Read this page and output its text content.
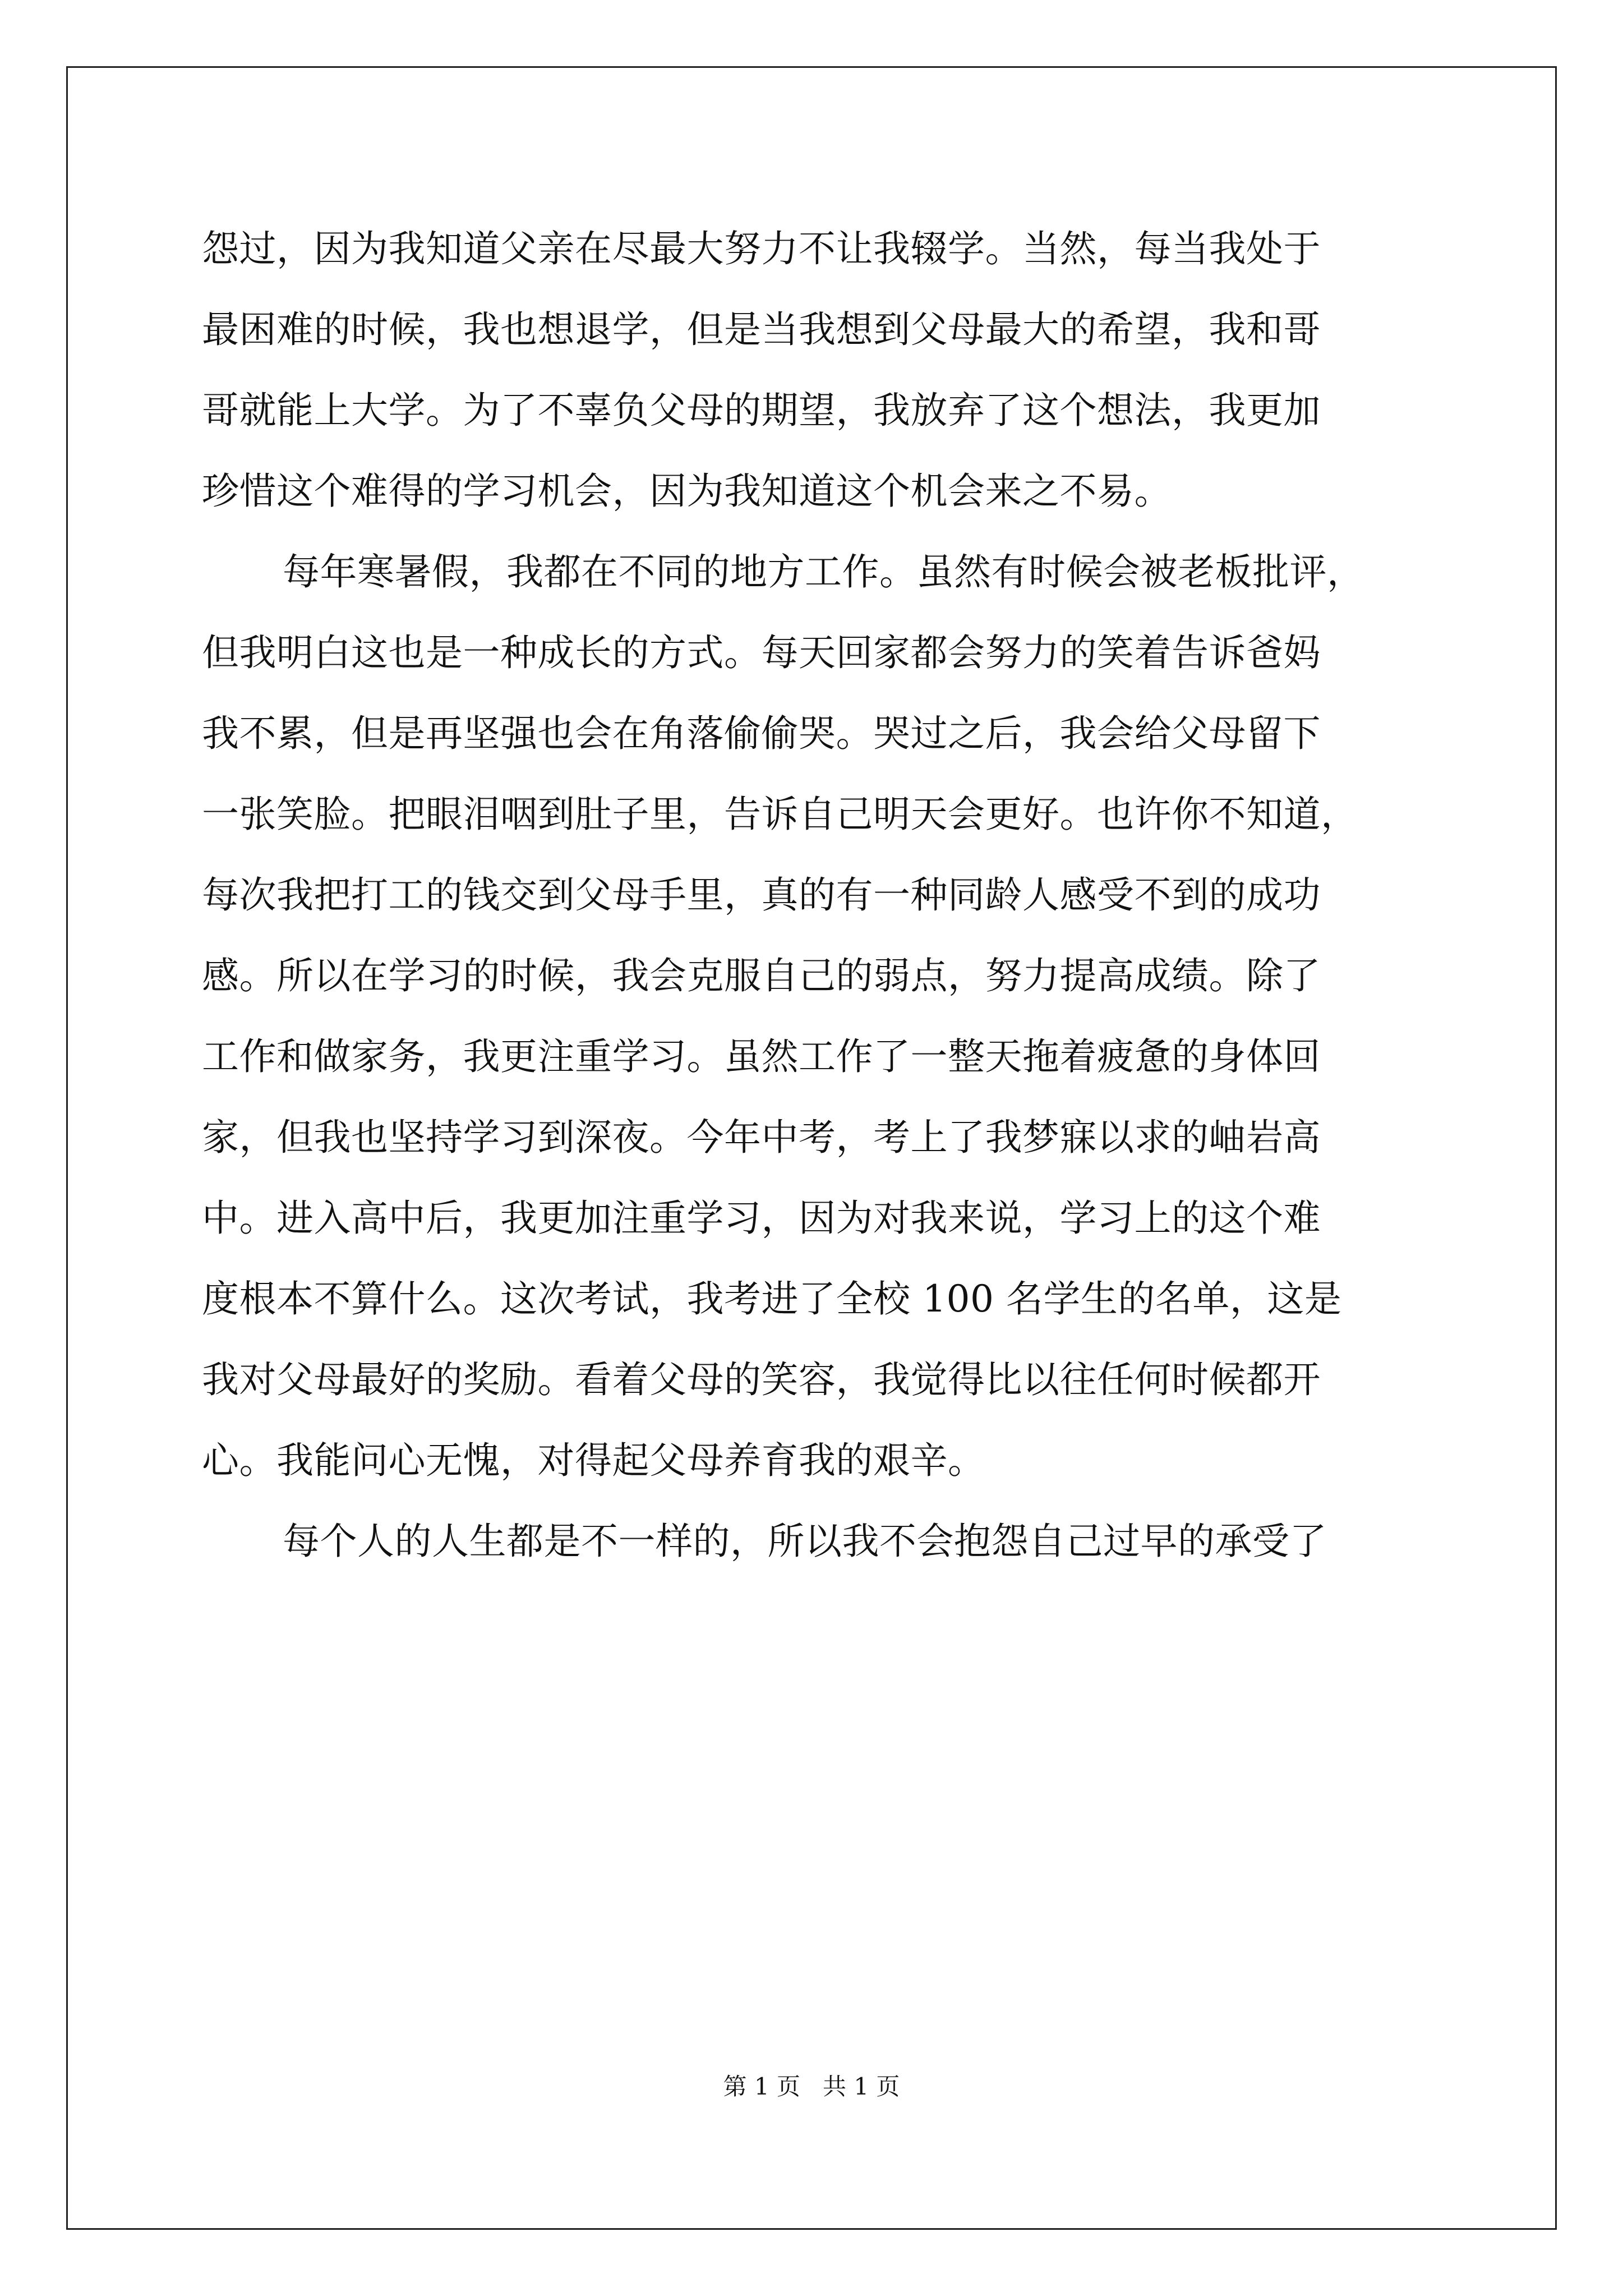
怨过，因为我知道父亲在尽最大努力不让我辍学。当然，每当我处于
最困难的时候，我也想退学，但是当我想到父母最大的希望，我和哥
哥就能上大学。为了不辜负父母的期望，我放弃了这个想法，我更加
珍惜这个难得的学习机会，因为我知道这个机会来之不易。
每年寒暑假，我都在不同的地方工作。虽然有时候会被老板批评，
但我明白这也是一种成长的方式。每天回家都会努力的笑着告诉爸妈
我不累，但是再坚强也会在角落偷偷哭。哭过之后，我会给父母留下
一张笑脸。把眼泪咽到肚子里，告诉自己明天会更好。也许你不知道，
每次我把打工的钱交到父母手里，真的有一种同龄人感受不到的成功
感。所以在学习的时候，我会克服自己的弱点，努力提高成绩。除了
工作和做家务，我更注重学习。虽然工作了一整天拖着疲惫的身体回
家，但我也坚持学习到深夜。今年中考，考上了我梦寐以求的岫岩高
中。进入高中后，我更加注重学习，因为对我来说，学习上的这个难
度根本不算什么。这次考试，我考进了全校 100 名学生的名单，这是
我对父母最好的奖励。看着父母的笑容，我觉得比以往任何时候都开
心。我能问心无愧，对得起父母养育我的艰辛。
每个人的人生都是不一样的，所以我不会抱怨自己过早的承受了
第 1 页 共 1 页
